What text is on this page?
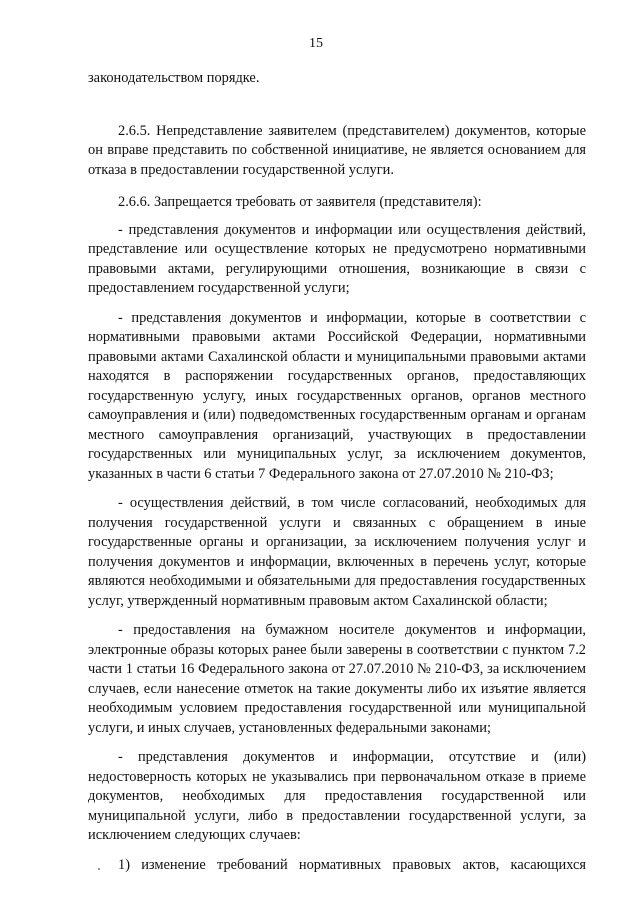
15

законодательством порядке.

2.6.5. Непредставление заявителем (представителем) документов, которые он вправе представить по собственной инициативе, не является основанием для отказа в предоставлении государственной услуги.

2.6.6. Запрещается требовать от заявителя (представителя):

- представления документов и информации или осуществления действий, представление или осуществление которых не предусмотрено нормативными правовыми актами, регулирующими отношения, возникающие в связи с предоставлением государственной услуги;

- представления документов и информации, которые в соответствии с нормативными правовыми актами Российской Федерации, нормативными правовыми актами Сахалинской области и муниципальными правовыми актами находятся в распоряжении государственных органов, предоставляющих государственную услугу, иных государственных органов, органов местного самоуправления и (или) подведомственных государственным органам и органам местного самоуправления организаций, участвующих в предоставлении государственных или муниципальных услуг, за исключением документов, указанных в части 6 статьи 7 Федерального закона от 27.07.2010 № 210-ФЗ;

- осуществления действий, в том числе согласований, необходимых для получения государственной услуги и связанных с обращением в иные государственные органы и организации, за исключением получения услуг и получения документов и информации, включенных в перечень услуг, которые являются необходимыми и обязательными для предоставления государственных услуг, утвержденный нормативным правовым актом Сахалинской области;

- предоставления на бумажном носителе документов и информации, электронные образы которых ранее были заверены в соответствии с пунктом 7.2 части 1 статьи 16 Федерального закона от 27.07.2010 № 210-ФЗ, за исключением случаев, если нанесение отметок на такие документы либо их изъятие является необходимым условием предоставления государственной или муниципальной услуги, и иных случаев, установленных федеральными законами;

- представления документов и информации, отсутствие и (или) недостоверность которых не указывались при первоначальном отказе в приеме документов, необходимых для предоставления государственной или муниципальной услуги, либо в предоставлении государственной услуги, за исключением следующих случаев:

1) изменение требований нормативных правовых актов, касающихся
